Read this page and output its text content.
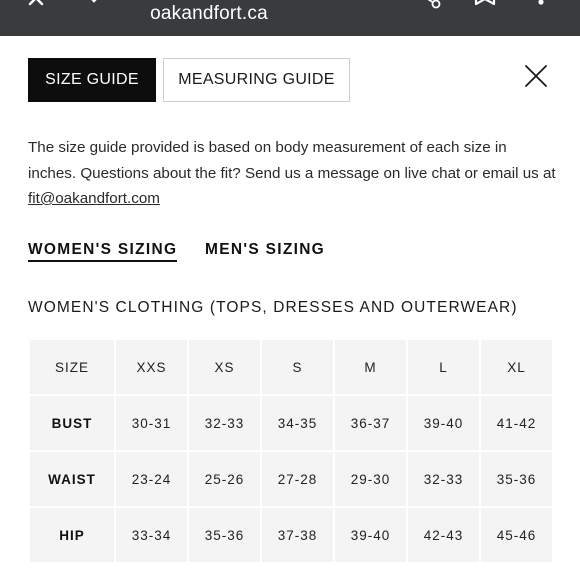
oakandfort.ca
SIZE GUIDE	MEASURING GUIDE
The size guide provided is based on body measurement of each size in inches. Questions about the fit? Send us a message on live chat or email us at fit@oakandfort.com
WOMEN'S SIZING MEN'S SIZING
WOMEN'S CLOTHING (TOPS, DRESSES AND OUTERWEAR)
SIZE	XXS	XS	S	M	L	XL
BUST	30-31	32-33	34-35	36-37	39-40	41-42
WAIST	23-24	25-26	27-28	29-30	32-33	35-36
HIP	33-34	35-36	37-38	39-40	42-43	45-46
